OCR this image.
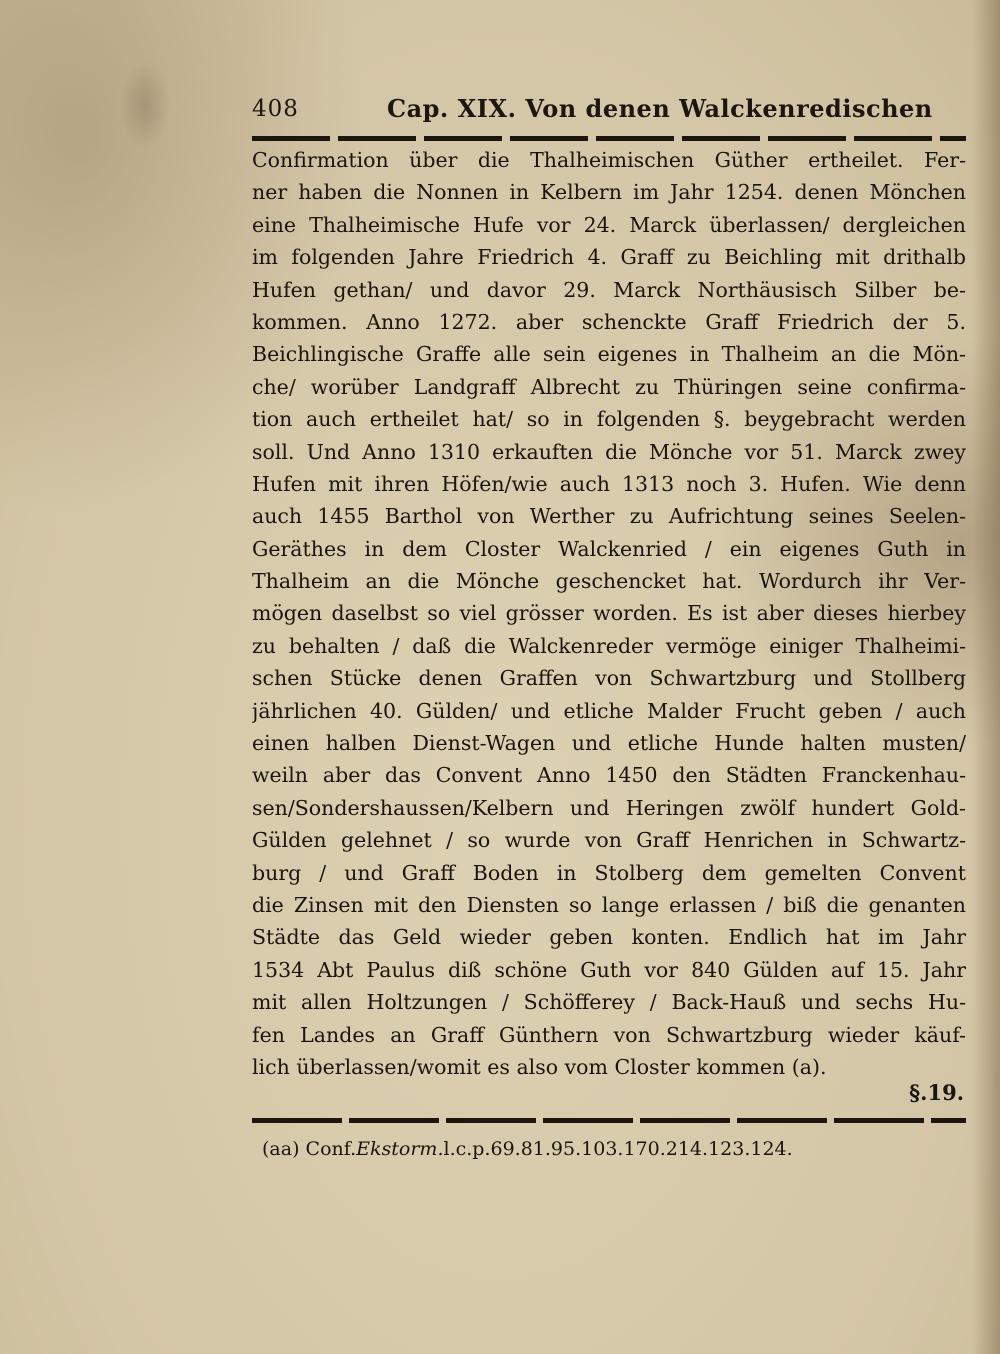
408	Cap. XIX. Von denen Walckenredischen
Confirmation über die Thalheimischen Güther ertheilet. Fer-
ner haben die Nonnen in Kelbern im Jahr 1254. denen Mönchen
eine Thalheimische Hufe vor 24. Marck überlassen/ dergleichen
im folgenden Jahre Friedrich 4. Graff zu Beichling mit drithalb
Hufen gethan/ und davor 29. Marck Northäusisch Silber be-
kommen. Anno 1272. aber schenckte Graff Friedrich der 5.
Beichlingische Graffe alle sein eigenes in Thalheim an die Mön-
che/ worüber Landgraff Albrecht zu Thüringen seine confirma-
tion auch ertheilet hat/ so in folgenden §. beygebracht werden
soll. Und Anno 1310 erkauften die Mönche vor 51. Marck zwey
Hufen mit ihren Höfen/wie auch 1313 noch 3. Hufen. Wie denn
auch 1455 Barthol von Werther zu Aufrichtung seines Seelen-
Geräthes in dem Closter Walckenried / ein eigenes Guth in
Thalheim an die Mönche geschencket hat. Wordurch ihr Ver-
mögen daselbst so viel grösser worden. Es ist aber dieses hierbey
zu behalten / daß die Walckenreder vermöge einiger Thalheimi-
schen Stücke denen Graffen von Schwartzburg und Stollberg
jährlichen 40. Gülden/ und etliche Malder Frucht geben / auch
einen halben Dienst-Wagen und etliche Hunde halten musten/
weiln aber das Convent Anno 1450 den Städten Franckenhau-
sen/Sondershaussen/Kelbern und Heringen zwölf hundert Gold-
Gülden gelehnet / so wurde von Graff Henrichen in Schwartz-
burg / und Graff Boden in Stolberg dem gemelten Convent
die Zinsen mit den Diensten so lange erlassen / biß die genanten
Städte das Geld wieder geben konten. Endlich hat im Jahr
1534 Abt Paulus diß schöne Guth vor 840 Gülden auf 15. Jahr
mit allen Holtzungen / Schöfferey / Back-Hauß und sechs Hu-
fen Landes an Graff Günthern von Schwartzburg wieder käuf-
lich überlassen/womit es also vom Closter kommen (a).
§.19.
(aa) Conf.Ekstorm.l.c.p.69.81.95.103.170.214.123.124.
